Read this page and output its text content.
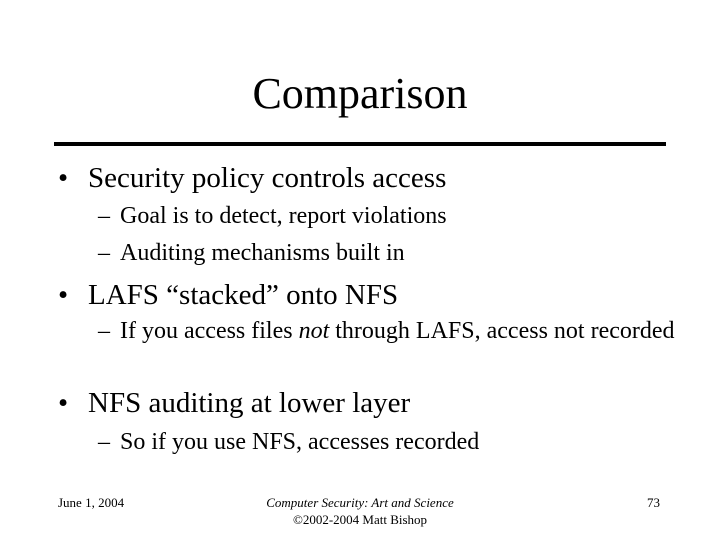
Comparison
• Security policy controls access
– Goal is to detect, report violations
– Auditing mechanisms built in
• LAFS “stacked” onto NFS
– If you access files not through LAFS, access not recorded
• NFS auditing at lower layer
– So if you use NFS, accesses recorded
June 1, 2004	Computer Security: Art and Science
©2002-2004 Matt Bishop
73
